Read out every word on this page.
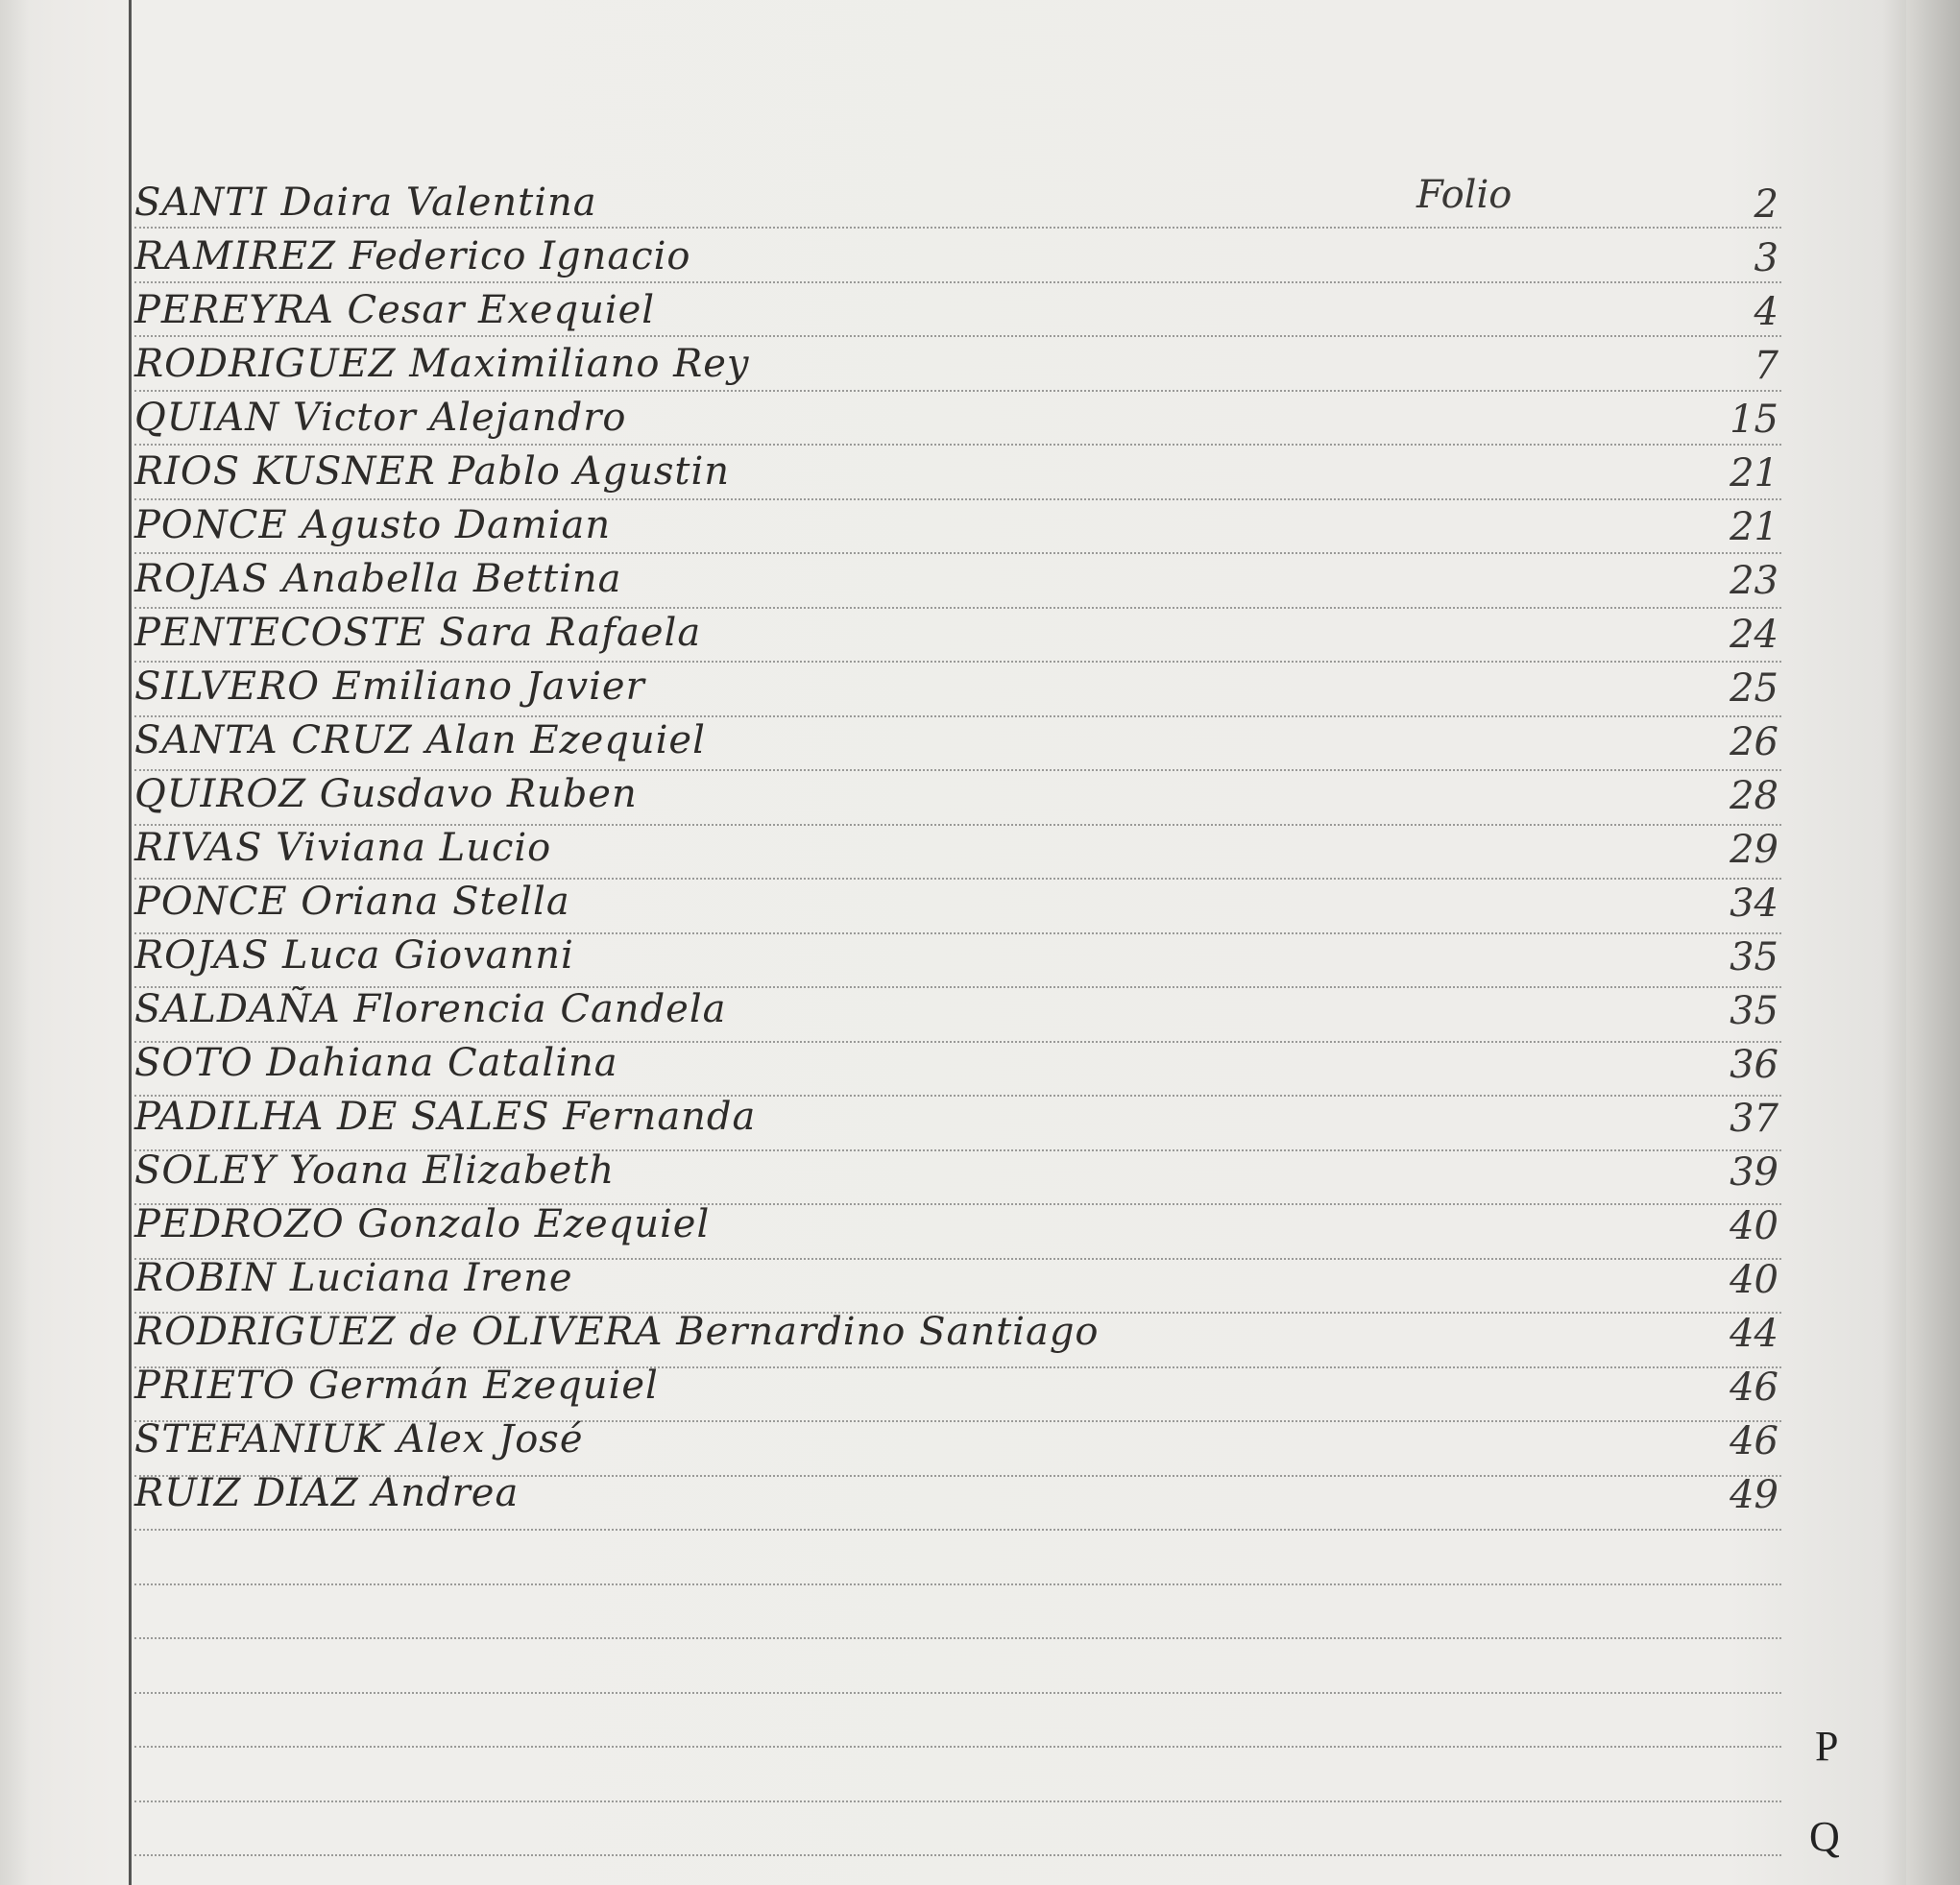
Folio
SANTI Daira Valentina	2
RAMIREZ Federico Ignacio	3
PEREYRA Cesar Exequiel	4
RODRIGUEZ Maximiliano Rey	7
QUIAN Victor Alejandro	15
RIOS KUSNER Pablo Agustin	21
PONCE Agusto Damian	21
ROJAS Anabella Bettina	23
PENTECOSTE Sara Rafaela	24
SILVERO Emiliano Javier	25
SANTA CRUZ Alan Ezequiel	26
QUIROZ Gusdavo Ruben	28
RIVAS Viviana Lucio	29
PONCE Oriana Stella	34
ROJAS Luca Giovanni	35
SALDAÑA Florencia Candela	35
SOTO Dahiana Catalina	36
PADILHA DE SALES Fernanda	37
SOLEY Yoana Elizabeth	39
PEDROZO Gonzalo Ezequiel	40
ROBIN Luciana Irene	40
RODRIGUEZ de OLIVERA Bernardino Santiago	44
PRIETO Germán Ezequiel	46
STEFANIUK Alex José	46
RUIZ DIAZ Andrea	49
P
Q
